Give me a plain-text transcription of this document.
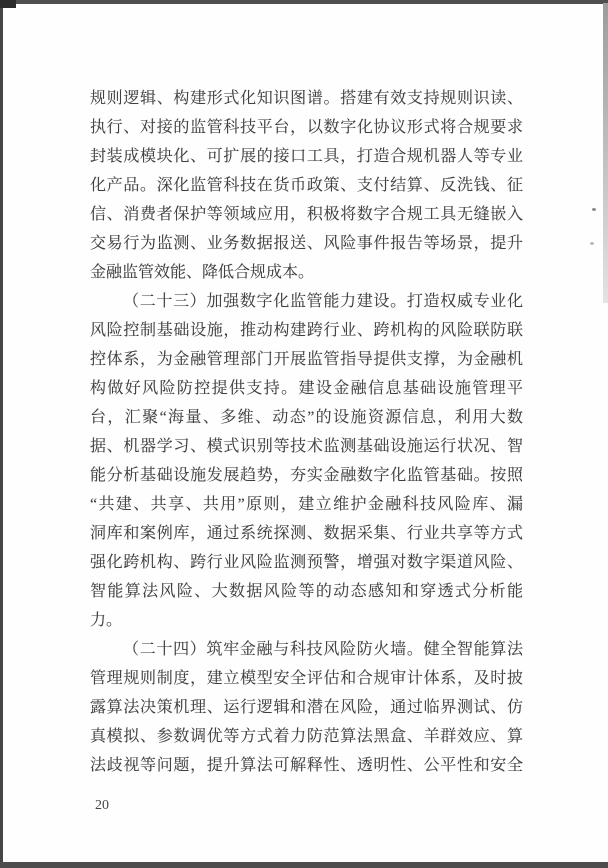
规则逻辑、构建形式化知识图谱。搭建有效支持规则识读、
执行、对接的监管科技平台，以数字化协议形式将合规要求
封装成模块化、可扩展的接口工具，打造合规机器人等专业
化产品。深化监管科技在货币政策、支付结算、反洗钱、征
信、消费者保护等领域应用，积极将数字合规工具无缝嵌入
交易行为监测、业务数据报送、风险事件报告等场景，提升
金融监管效能、降低合规成本。
（二十三）加强数字化监管能力建设。打造权威专业化
风险控制基础设施，推动构建跨行业、跨机构的风险联防联
控体系，为金融管理部门开展监管指导提供支撑，为金融机
构做好风险防控提供支持。建设金融信息基础设施管理平
台，汇聚“海量、多维、动态”的设施资源信息，利用大数
据、机器学习、模式识别等技术监测基础设施运行状况、智
能分析基础设施发展趋势，夯实金融数字化监管基础。按照
“共建、共享、共用”原则，建立维护金融科技风险库、漏
洞库和案例库，通过系统探测、数据采集、行业共享等方式
强化跨机构、跨行业风险监测预警，增强对数字渠道风险、
智能算法风险、大数据风险等的动态感知和穿透式分析能
力。
（二十四）筑牢金融与科技风险防火墙。健全智能算法
管理规则制度，建立模型安全评估和合规审计体系，及时披
露算法决策机理、运行逻辑和潜在风险，通过临界测试、仿
真模拟、参数调优等方式着力防范算法黑盒、羊群效应、算
法歧视等问题，提升算法可解释性、透明性、公平性和安全
20
